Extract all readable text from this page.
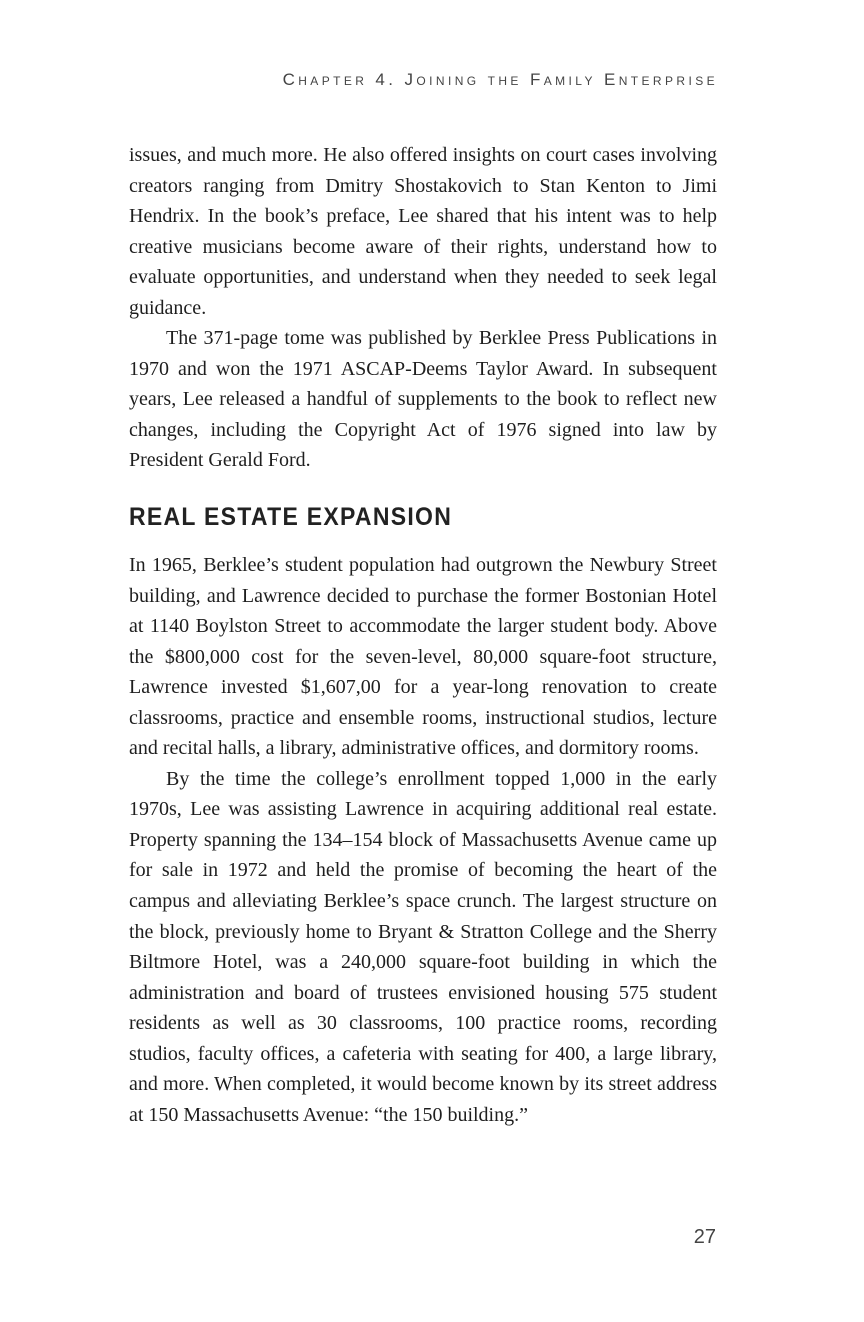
Chapter 4. Joining the Family Enterprise

issues, and much more. He also offered insights on court cases involving creators ranging from Dmitry Shostakovich to Stan Kenton to Jimi Hendrix. In the book’s preface, Lee shared that his intent was to help creative musicians become aware of their rights, understand how to evaluate opportunities, and understand when they needed to seek legal guidance.

The 371-page tome was published by Berklee Press Publications in 1970 and won the 1971 ASCAP-Deems Taylor Award. In subsequent years, Lee released a handful of supplements to the book to reflect new changes, including the Copyright Act of 1976 signed into law by President Gerald Ford.

REAL ESTATE EXPANSION

In 1965, Berklee’s student population had outgrown the Newbury Street building, and Lawrence decided to purchase the former Bostonian Hotel at 1140 Boylston Street to accommodate the larger student body. Above the $800,000 cost for the seven-level, 80,000 square-foot structure, Lawrence invested $1,607,00 for a year-long renovation to create classrooms, practice and ensemble rooms, instructional studios, lecture and recital halls, a library, administrative offices, and dormitory rooms.

By the time the college’s enrollment topped 1,000 in the early 1970s, Lee was assisting Lawrence in acquiring additional real estate. Property spanning the 134–154 block of Massachusetts Avenue came up for sale in 1972 and held the promise of becoming the heart of the campus and alleviating Berklee’s space crunch. The largest structure on the block, previously home to Bryant & Stratton College and the Sherry Biltmore Hotel, was a 240,000 square-foot building in which the administration and board of trustees envisioned housing 575 student residents as well as 30 classrooms, 100 practice rooms, recording studios, faculty offices, a cafeteria with seating for 400, a large library, and more. When completed, it would become known by its street address at 150 Massachusetts Avenue: “the 150 building.”

27
